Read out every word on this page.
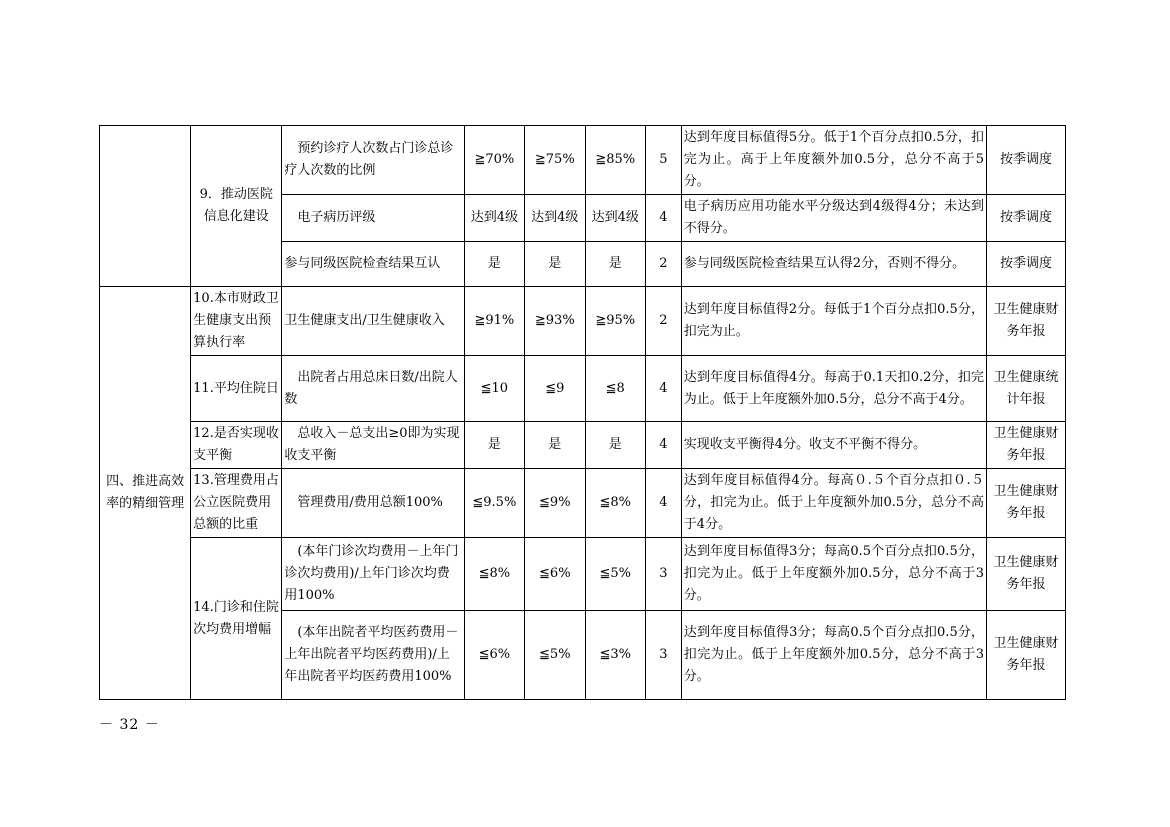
	9．推动医院信息化建设	预约诊疗人次数占门诊总诊疗人次数的比例	≧70%	≧75%	≧85%	5	达到年度目标值得5分。低于1个百分点扣0.5分，扣完为止。高于上年度额外加0.5分，总分不高于5分。	按季调度
		电子病历评级	达到4级	达到4级	达到4级	4	电子病历应用功能水平分级达到4级得4分；未达到不得分。	按季调度
		参与同级医院检查结果互认	是	是	是	2	参与同级医院检查结果互认得2分，否则不得分。	按季调度
四、推进高效率的精细管理	10.本市财政卫生健康支出预算执行率	卫生健康支出/卫生健康收入	≧91%	≧93%	≧95%	2	达到年度目标值得2分。每低于1个百分点扣0.5分，扣完为止。	卫生健康财务年报
	11.平均住院日	出院者占用总床日数/出院人数	≦10	≦9	≦8	4	达到年度目标值得4分。每高于0.1天扣0.2分，扣完为止。低于上年度额外加0.5分，总分不高于4分。	卫生健康统计年报
	12.是否实现收支平衡	总收入－总支出≥0即为实现收支平衡	是	是	是	4	实现收支平衡得4分。收支不平衡不得分。	卫生健康财务年报
	13.管理费用占公立医院费用总额的比重	管理费用/费用总额100%	≦9.5%	≦9%	≦8%	4	达到年度目标值得4分。每高０.５个百分点扣０.５分，扣完为止。低于上年度额外加0.5分，总分不高于4分。	卫生健康财务年报
	14.门诊和住院次均费用增幅	(本年门诊次均费用－上年门诊次均费用)/上年门诊次均费用100%	≦8%	≦6%	≦5%	3	达到年度目标值得3分；每高0.5个百分点扣0.5分，扣完为止。低于上年度额外加0.5分，总分不高于3分。	卫生健康财务年报
		(本年出院者平均医药费用－上年出院者平均医药费用)/上年出院者平均医药费用100%	≦6%	≦5%	≦3%	3	达到年度目标值得3分；每高0.5个百分点扣0.5分，扣完为止。低于上年度额外加0.5分，总分不高于3分。	卫生健康财务年报
－ 32 －
